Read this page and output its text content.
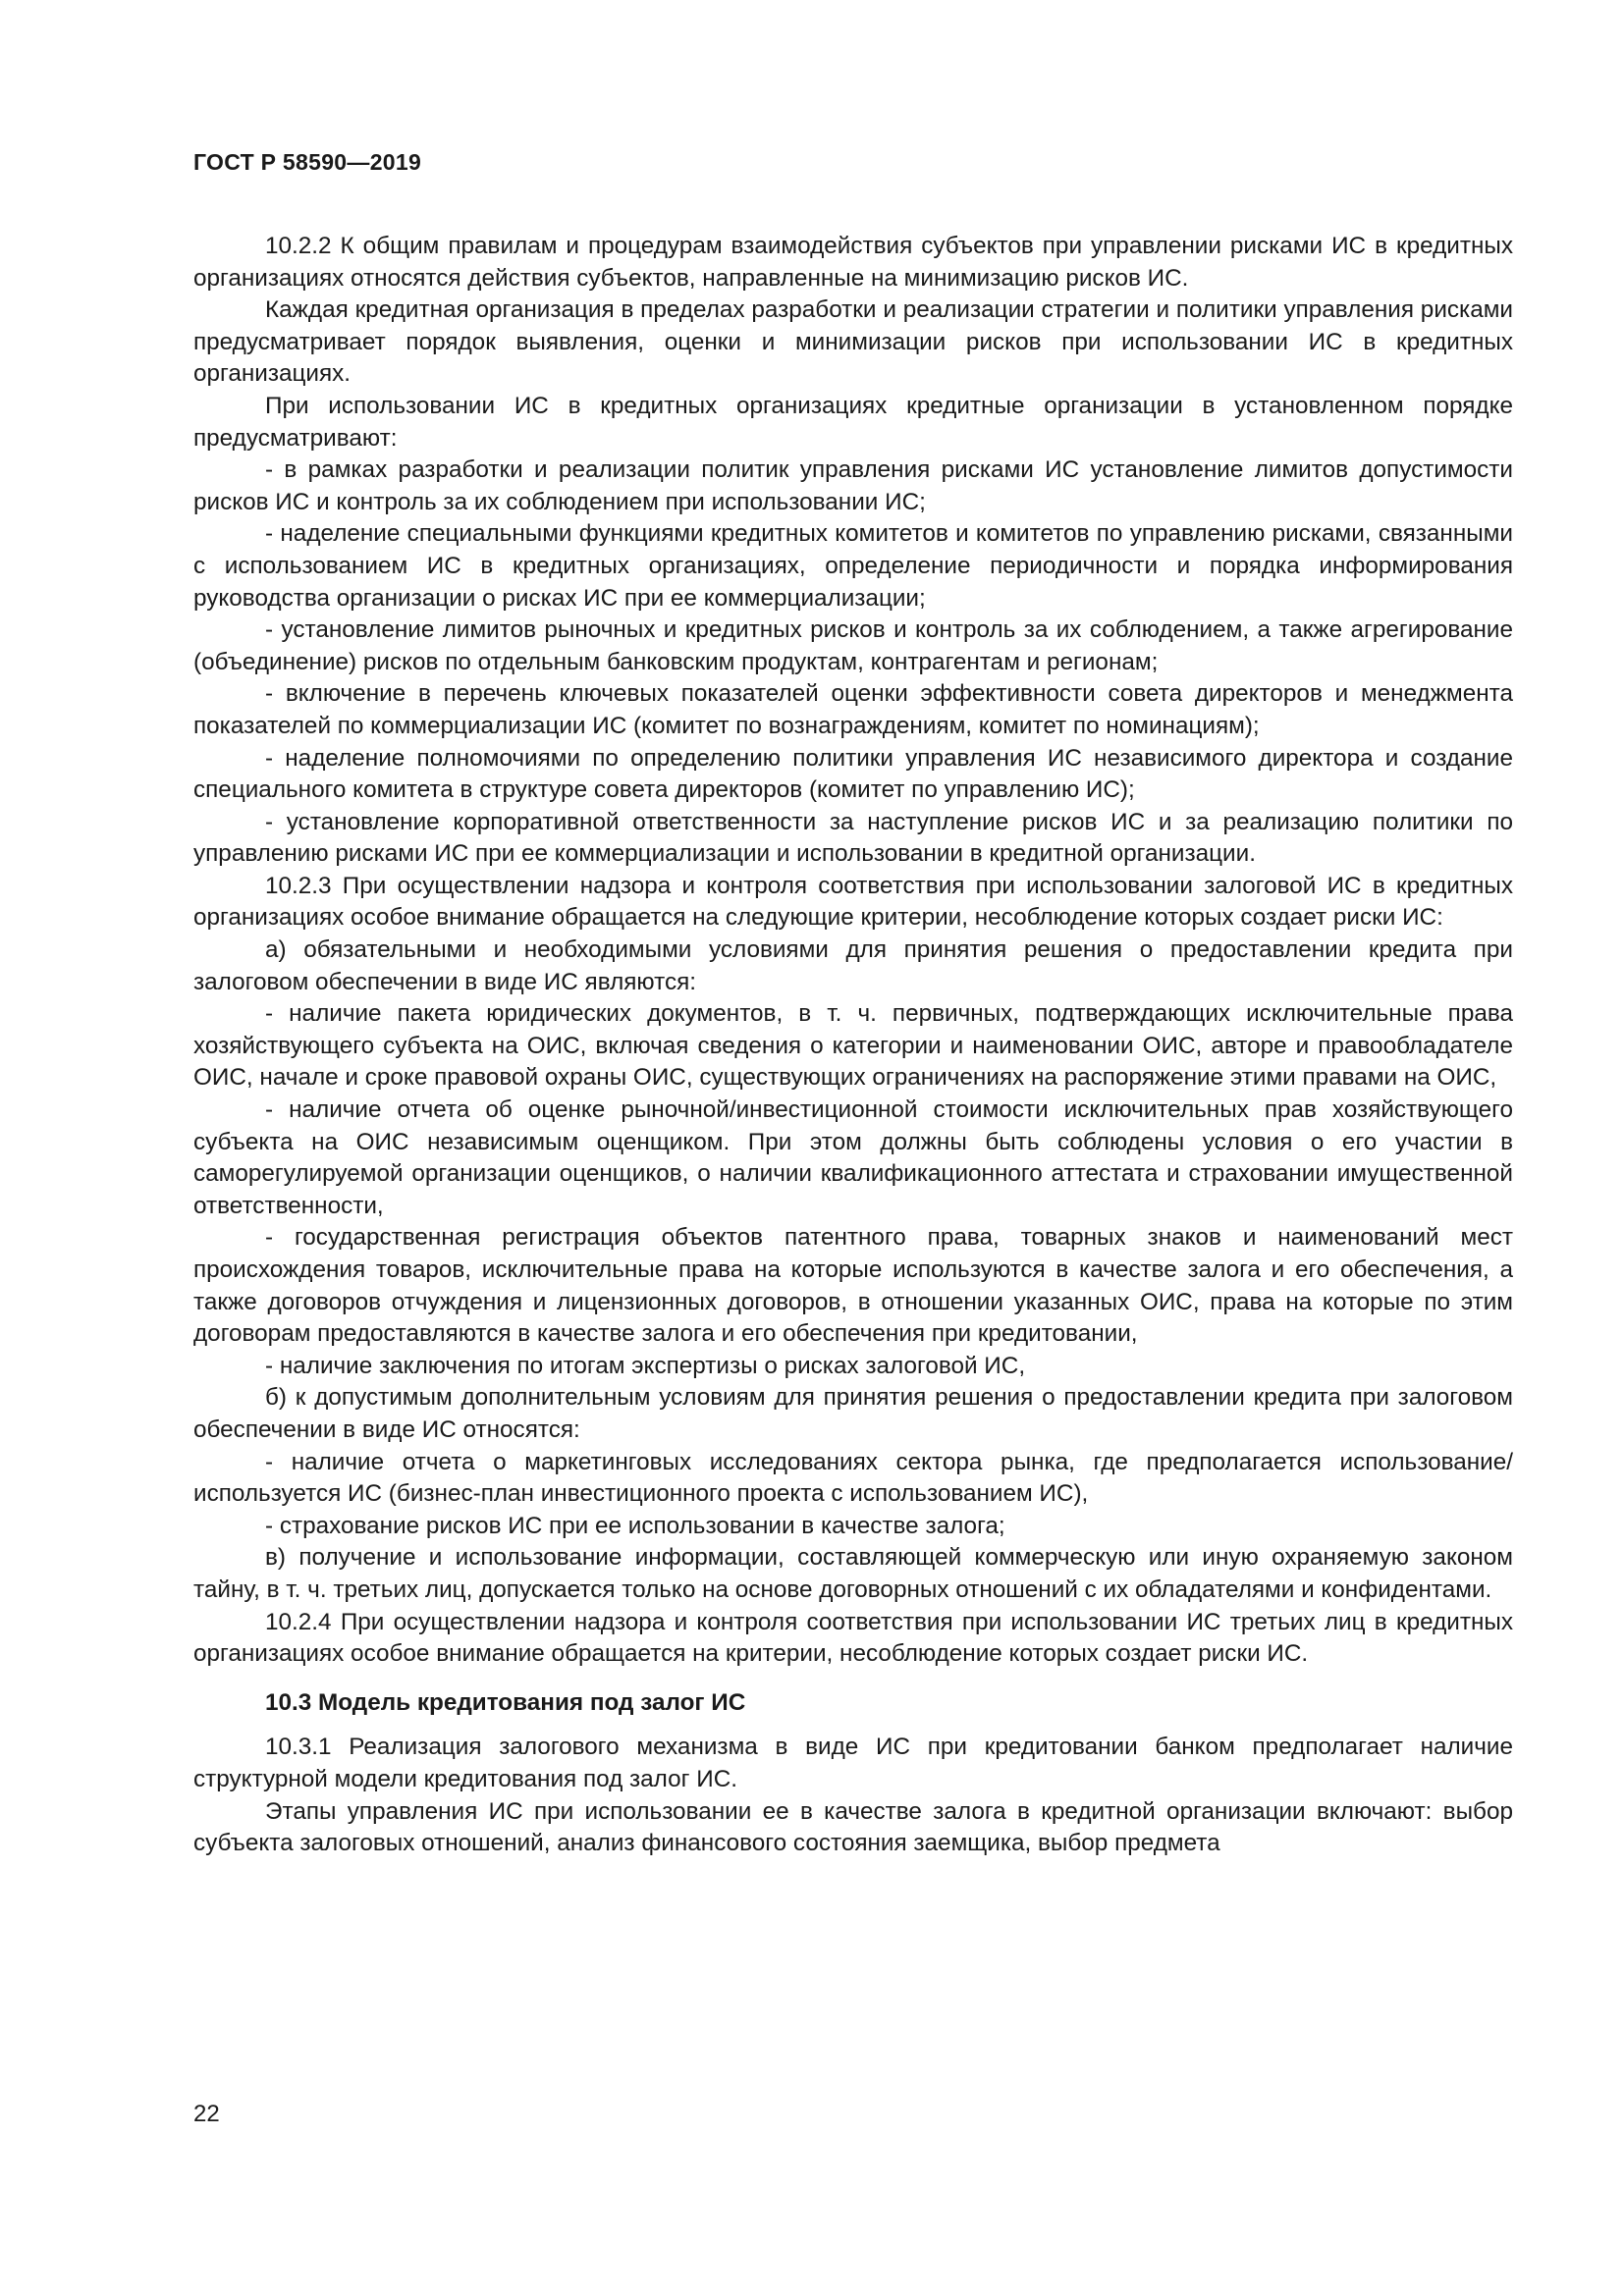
ГОСТ Р 58590—2019

10.2.2 К общим правилам и процедурам взаимодействия субъектов при управлении рисками ИС в кредитных организациях относятся действия субъектов, направленные на минимизацию рисков ИС.

Каждая кредитная организация в пределах разработки и реализации стратегии и политики управления рисками предусматривает порядок выявления, оценки и минимизации рисков при использовании ИС в кредитных организациях.

При использовании ИС в кредитных организациях кредитные организации в установленном порядке предусматривают:

- в рамках разработки и реализации политик управления рисками ИС установление лимитов допустимости рисков ИС и контроль за их соблюдением при использовании ИС;

- наделение специальными функциями кредитных комитетов и комитетов по управлению рисками, связанными с использованием ИС в кредитных организациях, определение периодичности и порядка информирования руководства организации о рисках ИС при ее коммерциализации;

- установление лимитов рыночных и кредитных рисков и контроль за их соблюдением, а также агрегирование (объединение) рисков по отдельным банковским продуктам, контрагентам и регионам;

- включение в перечень ключевых показателей оценки эффективности совета директоров и менеджмента показателей по коммерциализации ИС (комитет по вознаграждениям, комитет по номинациям);

- наделение полномочиями по определению политики управления ИС независимого директора и создание специального комитета в структуре совета директоров (комитет по управлению ИС);

- установление корпоративной ответственности за наступление рисков ИС и за реализацию политики по управлению рисками ИС при ее коммерциализации и использовании в кредитной организации.

10.2.3 При осуществлении надзора и контроля соответствия при использовании залоговой ИС в кредитных организациях особое внимание обращается на следующие критерии, несоблюдение которых создает риски ИС:

а) обязательными и необходимыми условиями для принятия решения о предоставлении кредита при залоговом обеспечении в виде ИС являются:

- наличие пакета юридических документов, в т. ч. первичных, подтверждающих исключительные права хозяйствующего субъекта на ОИС, включая сведения о категории и наименовании ОИС, авторе и правообладателе ОИС, начале и сроке правовой охраны ОИС, существующих ограничениях на распоряжение этими правами на ОИС,

- наличие отчета об оценке рыночной/инвестиционной стоимости исключительных прав хозяйствующего субъекта на ОИС независимым оценщиком. При этом должны быть соблюдены условия о его участии в саморегулируемой организации оценщиков, о наличии квалификационного аттестата и страховании имущественной ответственности,

- государственная регистрация объектов патентного права, товарных знаков и наименований мест происхождения товаров, исключительные права на которые используются в качестве залога и его обеспечения, а также договоров отчуждения и лицензионных договоров, в отношении указанных ОИС, права на которые по этим договорам предоставляются в качестве залога и его обеспечения при кредитовании,

- наличие заключения по итогам экспертизы о рисках залоговой ИС,

б) к допустимым дополнительным условиям для принятия решения о предоставлении кредита при залоговом обеспечении в виде ИС относятся:

- наличие отчета о маркетинговых исследованиях сектора рынка, где предполагается использование/используется ИС (бизнес-план инвестиционного проекта с использованием ИС),

- страхование рисков ИС при ее использовании в качестве залога;

в) получение и использование информации, составляющей коммерческую или иную охраняемую законом тайну, в т. ч. третьих лиц, допускается только на основе договорных отношений с их обладателями и конфидентами.

10.2.4 При осуществлении надзора и контроля соответствия при использовании ИС третьих лиц в кредитных организациях особое внимание обращается на критерии, несоблюдение которых создает риски ИС.

10.3 Модель кредитования под залог ИС

10.3.1 Реализация залогового механизма в виде ИС при кредитовании банком предполагает наличие структурной модели кредитования под залог ИС.

Этапы управления ИС при использовании ее в качестве залога в кредитной организации включают: выбор субъекта залоговых отношений, анализ финансового состояния заемщика, выбор предмета

22
